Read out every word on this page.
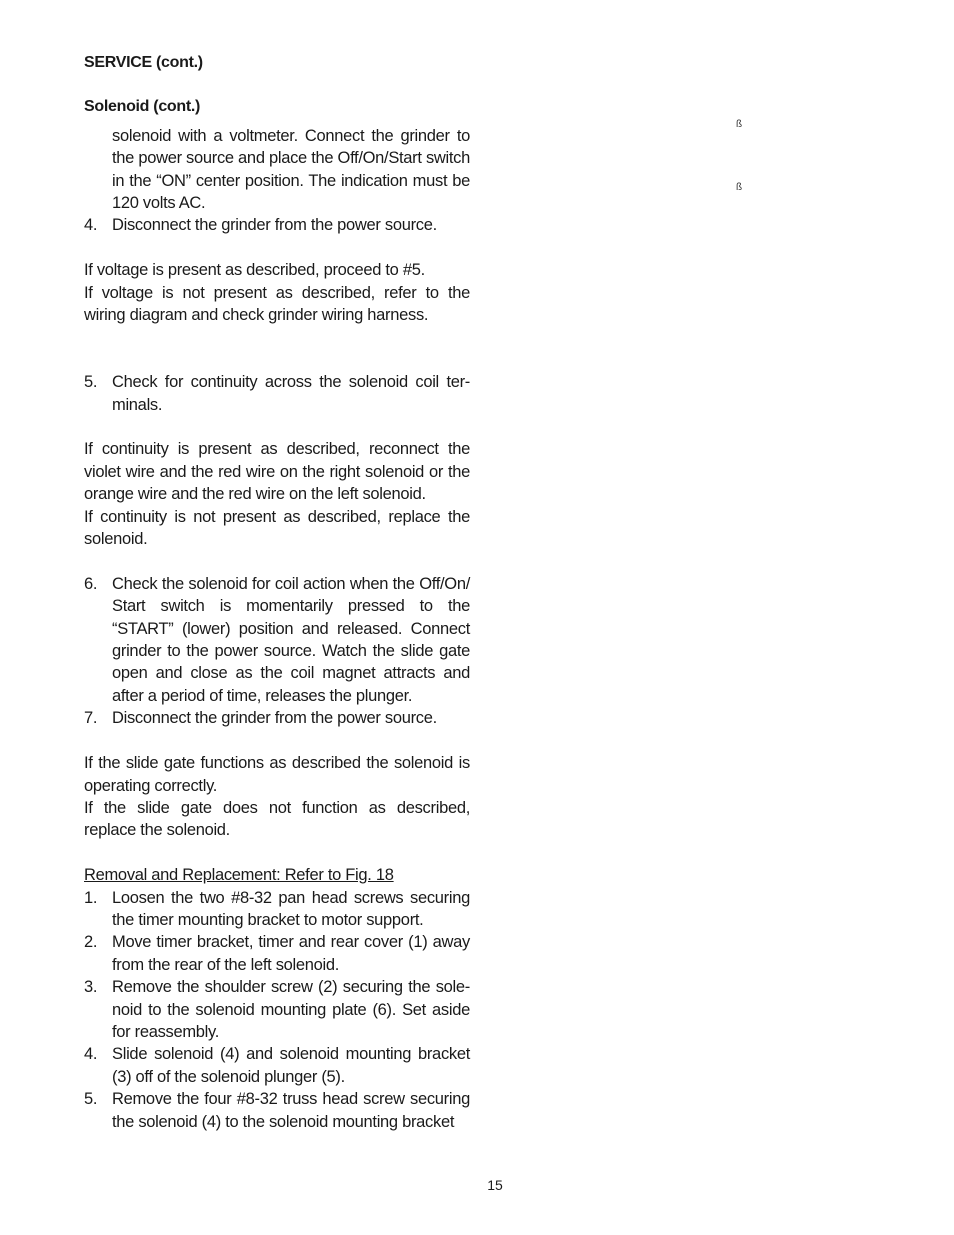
SERVICE (cont.)
Solenoid (cont.)
solenoid with a voltmeter. Connect the grinder to the power source and place the Off/On/Start switch in the “ON” center position. The indication must be 120 volts AC.
4. Disconnect the grinder from the power source.
If voltage is present as described, proceed to #5.
If voltage is not present as described, refer to the wiring diagram and check grinder wiring harness.
5. Check for continuity across the solenoid coil ter-minals.
If continuity is present as described, reconnect the violet wire and the red wire on the right solenoid or the orange wire and the red wire on the left solenoid.
If continuity is not present as described, replace the solenoid.
6. Check the solenoid for coil action when the Off/On/ Start switch is momentarily pressed to the “START” (lower) position and released. Connect grinder to the power source. Watch the slide gate open and close as the coil magnet attracts and after a period of time, releases the plunger.
7. Disconnect the grinder from the power source.
If the slide gate functions as described the solenoid is operating correctly.
If the slide gate does not function as described, replace the solenoid.
Removal and Replacement: Refer to Fig. 18
1. Loosen the two #8-32 pan head screws securing the timer mounting bracket to motor support.
2. Move timer bracket, timer and rear cover (1) away from the rear of the left solenoid.
3. Remove the shoulder screw (2) securing the sole-noid to the solenoid mounting plate (6). Set aside for reassembly.
4. Slide solenoid (4) and solenoid mounting bracket (3) off of the solenoid plunger (5).
5. Remove the four #8-32 truss head screw securing the solenoid (4) to the solenoid mounting bracket
ß
ß
15
